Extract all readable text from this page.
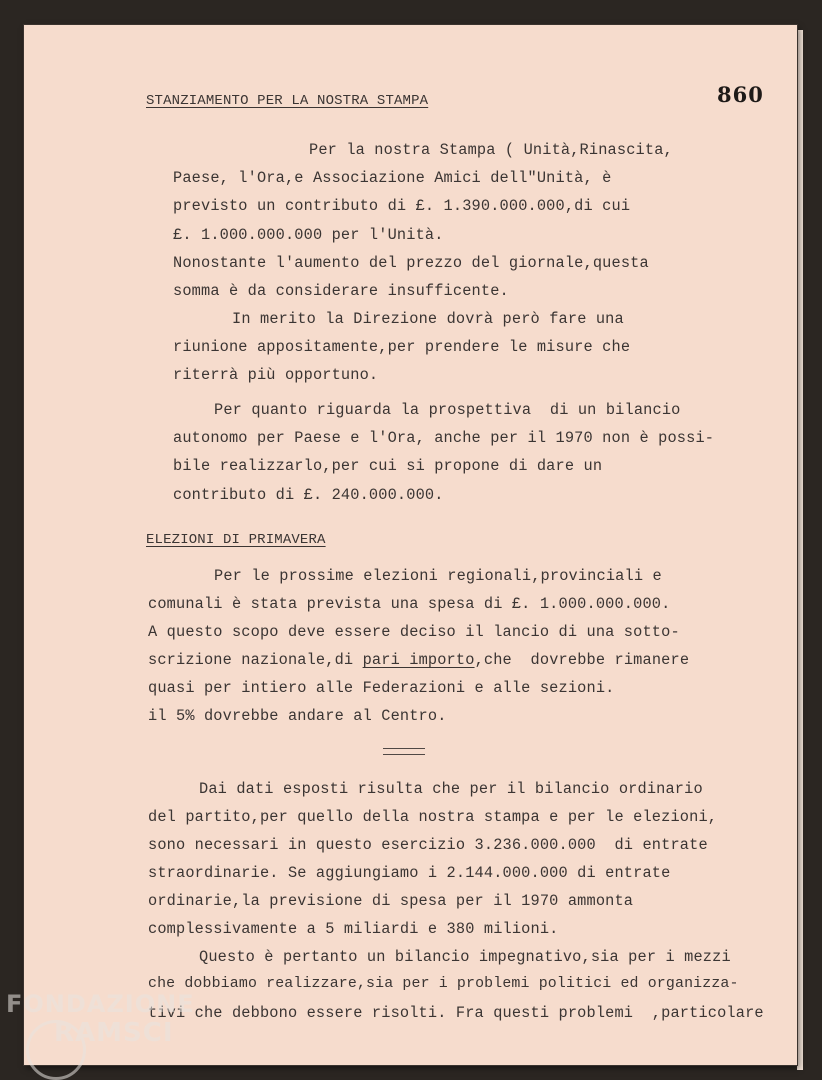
860
STANZIAMENTO PER LA NOSTRA STAMPA
Per la nostra Stampa ( Unità,Rinascita,
Paese, l'Ora,e Associazione Amici dell"Unità, è
previsto un contributo di £. 1.390.000.000,di cui
£. 1.000.000.000 per l'Unità.
Nonostante l'aumento del prezzo del giornale,questa
somma è da considerare insufficente.
In merito la Direzione dovrà però fare una
riunione appositamente,per prendere le misure che
riterrà più opportuno.
Per quanto riguarda la prospettiva  di un bilancio
autonomo per Paese e l'Ora, anche per il 1970 non è possi-
bile realizzarlo,per cui si propone di dare un
contributo di £. 240.000.000.
ELEZIONI DI PRIMAVERA
Per le prossime elezioni regionali,provinciali e
comunali è stata prevista una spesa di £. 1.000.000.000.
A questo scopo deve essere deciso il lancio di una sotto-
scrizione nazionale,di pari importo,che  dovrebbe rimanere
quasi per intiero alle Federazioni e alle sezioni.
il 5% dovrebbe andare al Centro.
Dai dati esposti risulta che per il bilancio ordinario
del partito,per quello della nostra stampa e per le elezioni,
sono necessari in questo esercizio 3.236.000.000  di entrate
straordinarie. Se aggiungiamo i 2.144.000.000 di entrate
ordinarie,la previsione di spesa per il 1970 ammonta
complessivamente a 5 miliardi e 380 milioni.
Questo è pertanto un bilancio impegnativo,sia per i mezzi
che dobbiamo realizzare,sia per i problemi politici ed organizza-
tivi che debbono essere risolti. Fra questi problemi  ,particolare
FONDAZIONE
RAMSCI
